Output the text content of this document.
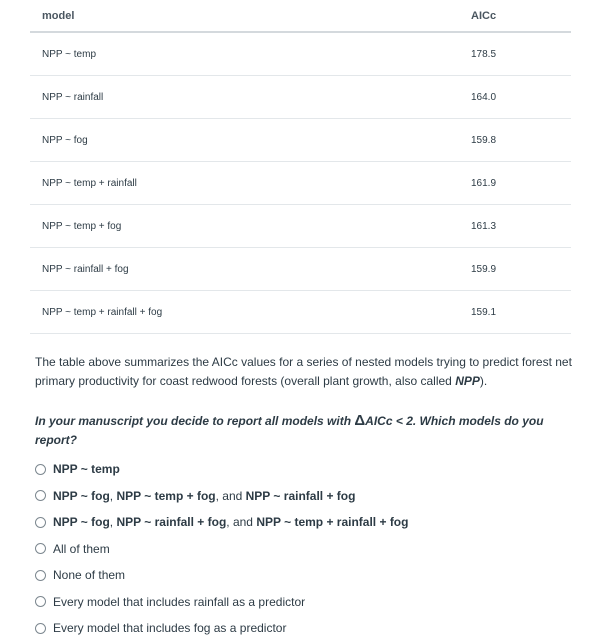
model	AICc
NPP ~ temp	178.5
NPP ~ rainfall	164.0
NPP ~ fog	159.8
NPP ~ temp + rainfall	161.9
NPP ~ temp + fog	161.3
NPP ~ rainfall + fog	159.9
NPP ~ temp + rainfall + fog	159.1
The table above summarizes the AICc values for a series of nested models trying to predict forest net primary productivity for coast redwood forests (overall plant growth, also called NPP).
In your manuscript you decide to report all models with ΔAICc < 2. Which models do you report?
NPP ~ temp
NPP ~ fog, NPP ~ temp + fog, and NPP ~ rainfall + fog
NPP ~ fog, NPP ~ rainfall + fog, and NPP ~ temp + rainfall + fog
All of them
None of them
Every model that includes rainfall as a predictor
Every model that includes fog as a predictor
